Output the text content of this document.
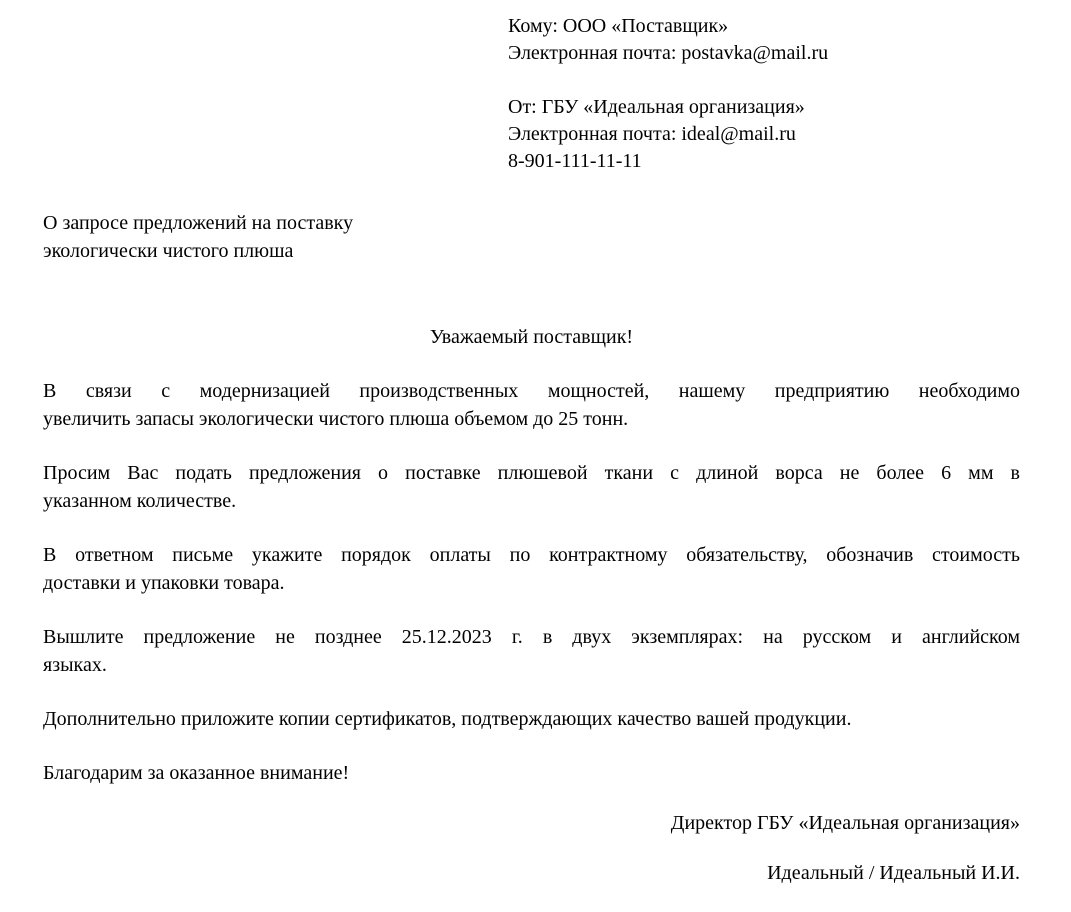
Кому: ООО «Поставщик»
Электронная почта: postavka@mail.ru
От: ГБУ «Идеальная организация»
Электронная почта: ideal@mail.ru
8-901-111-11-11
О запросе предложений на поставку
экологически чистого плюша
Уважаемый поставщик!
В связи с модернизацией производственных мощностей, нашему предприятию необходимо
увеличить запасы экологически чистого плюша объемом до 25 тонн.
Просим Вас подать предложения о поставке плюшевой ткани с длиной ворса не более 6 мм в
указанном количестве.
В ответном письме укажите порядок оплаты по контрактному обязательству, обозначив стоимость
доставки и упаковки товара.
Вышлите предложение не позднее 25.12.2023 г. в двух экземплярах: на русском и английском
языках.
Дополнительно приложите копии сертификатов, подтверждающих качество вашей продукции.
Благодарим за оказанное внимание!
Директор ГБУ «Идеальная организация»
Идеальный / Идеальный И.И.
